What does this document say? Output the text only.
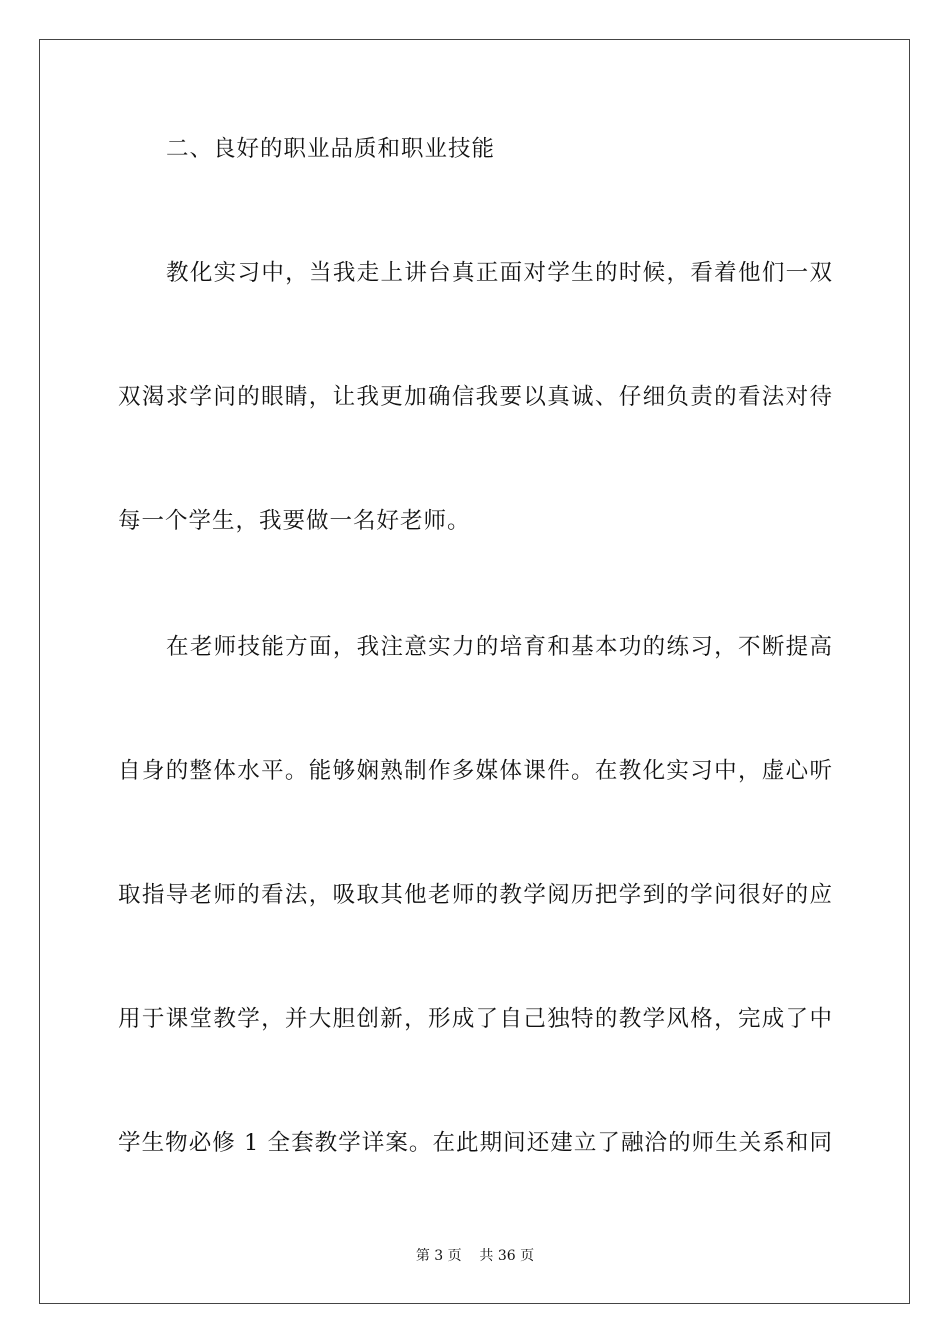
二、良好的职业品质和职业技能
教化实习中，当我走上讲台真正面对学生的时候，看着他们一双
双渴求学问的眼睛，让我更加确信我要以真诚、仔细负责的看法对待
每一个学生，我要做一名好老师。
在老师技能方面，我注意实力的培育和基本功的练习，不断提高
自身的整体水平。能够娴熟制作多媒体课件。在教化实习中，虚心听
取指导老师的看法，吸取其他老师的教学阅历把学到的学问很好的应
用于课堂教学，并大胆创新，形成了自己独特的教学风格，完成了中
学生物必修 1 全套教学详案。在此期间还建立了融洽的师生关系和同
第 3 页    共 36 页
